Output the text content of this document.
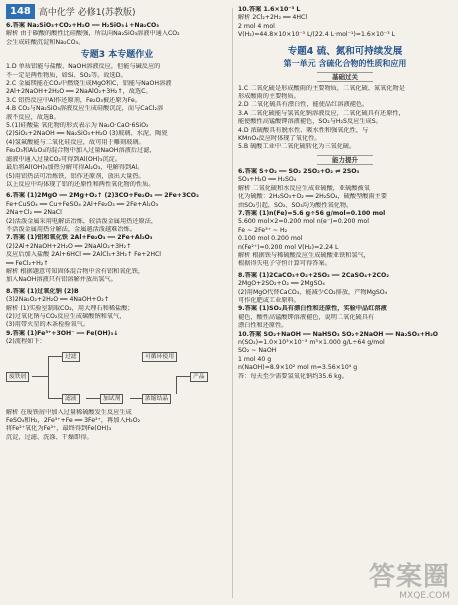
148 高中化学 必修1(苏教版)
6.答案 Na₂SiO₃+CO₂+H₂O ══ H₂SiO₃↓+Na₂CO₃
解析 由于碳酸的酸性比硅酸强，所以向Na₂SiO₃溶液中通入CO₂
会生成硅酸沉淀和Na₂CO₃。
专题3 本专题作业
1.D 单质铝能与盐酸、NaOH溶液反应，但能与碱反应的
不一定是两性物质，如Si、SO₂等。故选D。
2.C 金属镁能在CO₂中燃烧生成MgO和C，铝能与NaOH溶液
2Al+2NaOH+2H₂O ══ 2NaAlO₂+3H₂↑，故选C。
3.C 铝热反应中Al作还原剂，Fe₂O₃被还原为Fe。
4.B CO₂与Na₂SiO₃溶液反应生成硅酸沉淀，而与CaCl₂溶
液不反应，故选B。
5.(1)硅酸盐 氧化物的形式表示为 Na₂O·CaO·6SiO₂
(2)SiO₂+2NaOH ══ Na₂SiO₃+H₂O (3)玻璃、水泥、陶瓷
(4)氢氟酸能与二氧化硅反应，故可用于雕刻玻璃。
Fe₂O₃和Al₂O₃的混合物中加入过量NaOH溶液后过滤，
滤液中通入过量CO₂可得到Al(OH)₃沉淀。
最后将Al(OH)₃加热分解可得Al₂O₃，电解得到Al。
(5)用铝热法可冶炼铁，铝作还原剂，放出大量热。
以上反应中均体现了铝的还原性和两性氧化物的性质。
6.答案 (1)2MgO ══ 2Mg+O₂↑ (2)3CO+Fe₂O₃ ══ 2Fe+3CO₂
Fe+CuSO₄ ══ Cu+FeSO₄ 2Al+Fe₂O₃ ══ 2Fe+Al₂O₃
2Na+Cl₂ ══ 2NaCl
(2)活泼金属采用电解法冶炼，较活泼金属用热还原法，
不活泼金属用热分解法，金属越活泼越难冶炼。
7.答案 (1)铝和氧化铁 2Al+Fe₂O₃ ══ 2Fe+Al₂O₃
(2)2Al+2NaOH+2H₂O ══ 2NaAlO₂+3H₂↑
反应后加入盐酸 2Al+6HCl ══ 2AlCl₃+3H₂↑ Fe+2HCl
══ FeCl₂+H₂↑
解析 根据题意可知固体混合物中含有铝和氧化铁，
加入NaOH溶液只有铝溶解并放出氢气。
8.答案 (1)过氧化钠 (2)B
(3)2Na₂O₂+2H₂O ══ 4NaOH+O₂↑
解析 (1)实验室制取CO₂，用大理石和稀盐酸；
(2)过氧化钠与CO₂反应生成碳酸钠和氧气，
(3)用带火星的木条检验氧气。
9.答案 (1)Fe³⁺+3OH⁻ ══ Fe(OH)₃↓
(2)流程如下：
废铁屑
过滤
滤液	加试剂	浓缩结晶
产品
可循环使用
解析 在废铁屑中加入过量稀硫酸发生反应生成
FeSO₄和H₂，2Fe³⁺+Fe ══ 3Fe²⁺，再加入H₂O₂
将Fe²⁺氧化为Fe³⁺，最终得到Fe(OH)₃
沉淀，过滤、洗涤、干燥即得。
10.答案 1.6×10⁻³ L
解析 2Cl₂+2H₂ ══ 4HCl
2 mol 4 mol
V(H₂)=44.8×10×10⁻³ L/(22.4 L·mol⁻¹)=1.6×10⁻³ L
专题4 硫、氮和可持续发展
第一单元 含硫化合物的性质和应用
基础过关
1.C 二氧化硫是形成酸雨的主要物质，二氧化硫、氮氧化物是
形成酸雨的主要物质。
2.D 二氧化硫具有漂白性，能使品红溶液褪色。
3.A 二氧化硫能与氢氧化钠溶液反应，二氧化硫具有还原性，
能使酸性高锰酸钾溶液褪色，SO₂与H₂S反应生成S。
4.D 浓硫酸具有脱水性、吸水性和强氧化性，与
KMnO₄反应时体现了氧化性。
5.B 硫酸工业中二氧化硫转化为三氧化硫。
能力提升
6.答案 S+O₂ ══ SO₂ 2SO₂+O₂ ⇌ 2SO₃
SO₃+H₂O ══ H₂SO₄
解析 二氧化硫和水反应生成亚硫酸，亚硫酸被氧
化为硫酸：2H₂SO₃+O₂ ══ 2H₂SO₄，硫酸型酸雨主要
由SO₂引起，SO₂、SO₃均为酸性氧化物。
7.答案 (1)n(Fe)=5.6 g÷56 g/mol=0.100 mol
5.600 mol×2=0.200 mol n(e⁻)=0.200 mol
Fe ~ 2Fe³⁺ ~ H₂
0.100 mol 0.200 mol
n(Fe²⁺)=0.200 mol V(H₂)=2.24 L
解析 根据铁与稀硫酸反应生成硫酸亚铁和氢气，
根据得失电子守恒计算可得答案。
8.答案 (1)2CaCO₃+O₂+2SO₂ ══ 2CaSO₄+2CO₂
2MgO+2SO₂+O₂ ══ 2MgSO₄
(2)用MgO代替CaCO₃，能减少CO₂排放，产物MgSO₄
可作化肥或工业原料。
9.答案 (1)SO₂具有漂白性和还原性，实验中品红溶液
褪色，酸性高锰酸钾溶液褪色，说明二氧化硫具有
漂白性和还原性。
10.答案 SO₂+NaOH ══ NaHSO₃ SO₂+2NaOH ══ Na₂SO₃+H₂O
n(SO₂)=1.0×10³×10⁻³ m³×1.000 g/L÷64 g/mol
SO₂ ~ NaOH
1 mol 40 g
n(NaOH)=8.9×10² mol m=3.56×10⁴ g
答：每天至少需要氢氧化钠约35.6 kg。
答案圈
MXQE.COM
